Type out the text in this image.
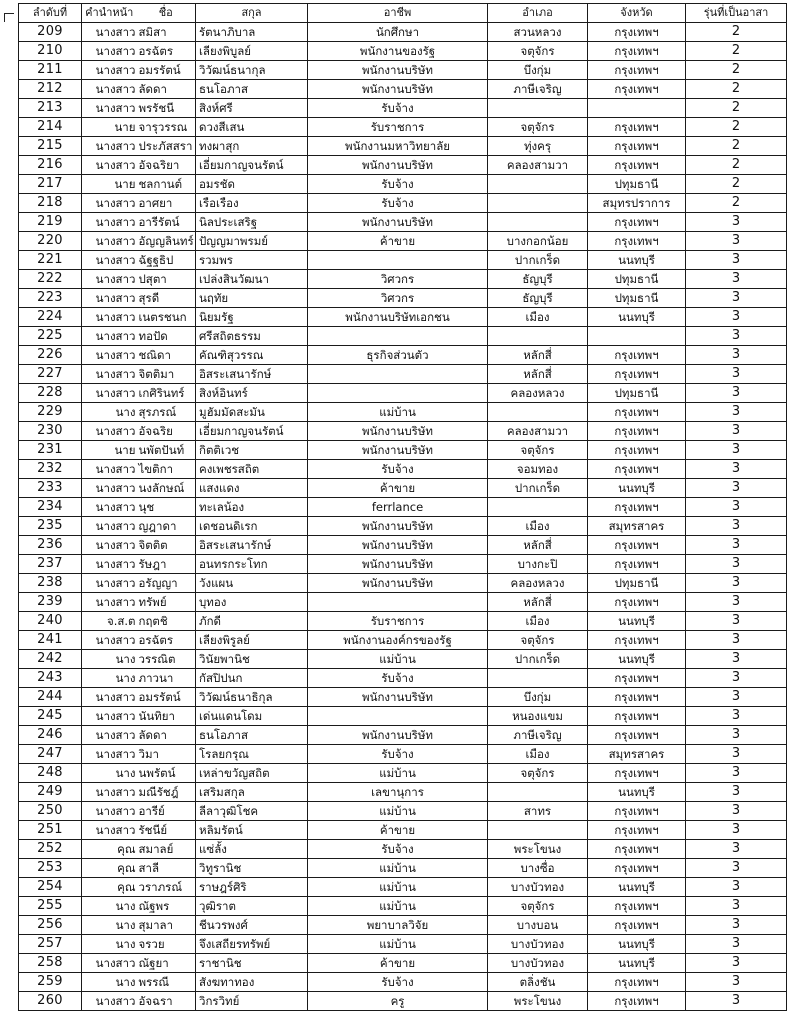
ลำดับที่	คำนำหน้า	ชื่อ	สกุล	อาชีพ	อำเภอ	จังหวัด	รุ่นที่เป็นอาสา
209	นางสาว	สมิสา	รัตนาภิบาล	นักศึกษา	สวนหลวง	กรุงเทพฯ	2
210	นางสาว	อรฉัตร	เลียงพิบูลย์	พนักงานของรัฐ	จตุจักร	กรุงเทพฯ	2
211	นางสาว	อมรรัตน์	วิวัฒน์ธนากุล	พนักงานบริษัท	บึงกุ่ม	กรุงเทพฯ	2
212	นางสาว	ลัดดา	ธนโอภาส	พนักงานบริษัท	ภาษีเจริญ	กรุงเทพฯ	2
213	นางสาว	พรรัชนี	สิงห์ศรี	รับจ้าง			2
214	นาย	จารุวรรณ	ดวงสีเสน	รับราชการ	จตุจักร	กรุงเทพฯ	2
215	นางสาว	ประภัสสรา	ทงผาสุก	พนักงานมหาวิทยาลัย	ทุ่งครุ	กรุงเทพฯ	2
216	นางสาว	อัจฉริยา	เอี่ยมกาญจนรัตน์	พนักงานบริษัท	คลองสามวา	กรุงเทพฯ	2
217	นาย	ชลกานต์	อมรชัด	รับจ้าง		ปทุมธานี	2
218	นางสาว	อาศยา	เรือเรือง	รับจ้าง		สมุทรปราการ	2
219	นางสาว	อารีรัตน์	นิลประเสริฐ	พนักงานบริษัท		กรุงเทพฯ	3
220	นางสาว	อัญญลินทร์	ปัญญมาพรมย์	ค้าขาย	บางกอกน้อย	กรุงเทพฯ	3
221	นางสาว	ฉัฐฐธิป	รวมพร		ปากเกร็ด	นนทบุรี	3
222	นางสาว	ปสุตา	เปล่งสินวัฒนา	วิศวกร	ธัญบุรี	ปทุมธานี	3
223	นางสาว	สุรดี	นฤทัย	วิศวกร	ธัญบุรี	ปทุมธานี	3
224	นางสาว	เนตรชนก	นิยมรัฐ	พนักงานบริษัทเอกชน	เมือง	นนทบุรี	3
225	นางสาว	ทอปัด	ศรีสถิตธรรม				3
226	นางสาว	ชณิดา	คัณฑิสุวรรณ	ธุรกิจส่วนตัว	หลักสี่	กรุงเทพฯ	3
227	นางสาว	จิตติมา	อิสระเสนารักษ์		หลักสี่	กรุงเทพฯ	3
228	นางสาว	เกศิรินทร์	สิงห์อินทร์		คลองหลวง	ปทุมธานี	3
229	นาง	สุรภรณ์	มูฮัมมัดสะมัน	แม่บ้าน		กรุงเทพฯ	3
230	นางสาว	อัจฉริย	เอี่ยมกาญจนรัตน์	พนักงานบริษัท	คลองสามวา	กรุงเทพฯ	3
231	นาย	นพัตปันท์	กิตติเวช	พนักงานบริษัท	จตุจักร	กรุงเทพฯ	3
232	นางสาว	ไขติกา	คงเพชรสถิต	รับจ้าง	จอมทอง	กรุงเทพฯ	3
233	นางสาว	นงลักษณ์	แสงแดง	ค้าขาย	ปากเกร็ด	นนทบุรี	3
234	นางสาว	นุช	ทะเลน้อง	ferrlance		กรุงเทพฯ	3
235	นางสาว	ญฎาดา	เดชอนดิเรก	พนักงานบริษัท	เมือง	สมุทรสาคร	3
236	นางสาว	จิตติต	อิสระเสนารักษ์	พนักงานบริษัท	หลักสี่	กรุงเทพฯ	3
237	นางสาว	รัษฎา	อนทรกระโทก	พนักงานบริษัท	บางกะปิ	กรุงเทพฯ	3
238	นางสาว	อรัญญา	วังแผน	พนักงานบริษัท	คลองหลวง	ปทุมธานี	3
239	นางสาว	ทรัพย์	บุทอง		หลักสี่	กรุงเทพฯ	3
240	จ.ส.ต	กฤตชิ	ภักดี	รับราชการ	เมือง	นนทบุรี	3
241	นางสาว	อรฉัตร	เลียงพิรูลย์	พนักงานองค์กรของรัฐ	จตุจักร	กรุงเทพฯ	3
242	นาง	วรรณิต	วินัยพานิช	แม่บ้าน	ปากเกร็ด	นนทบุรี	3
243	นาง	ภาวนา	กัสปิปนก	รับจ้าง		กรุงเทพฯ	3
244	นางสาว	อมรรัตน์	วิวัฒน์ธนาธิกุล	พนักงานบริษัท	บึงกุ่ม	กรุงเทพฯ	3
245	นางสาว	นันทิยา	เด่นแดนโดม		หนองแขม	กรุงเทพฯ	3
246	นางสาว	ลัดดา	ธนโอภาส	พนักงานบริษัท	ภาษีเจริญ	กรุงเทพฯ	3
247	นางสาว	วิมา	โรลยกรุณ	รับจ้าง	เมือง	สมุทรสาคร	3
248	นาง	นพรัตน์	เหล่าขวัญสถิต	แม่บ้าน	จตุจักร	กรุงเทพฯ	3
249	นางสาว	มณีรัชฎ์	เสริมสกุล	เลขานุการ		นนทบุรี	3
250	นางสาว	อารีย์	ลีลาวุฒิโชค	แม่บ้าน	สาทร	กรุงเทพฯ	3
251	นางสาว	รัชนีย์	หลิมรัตน์	ค้าขาย		กรุงเทพฯ	3
252	คุณ	สมาลย์	แซ่ลั้ง	รับจ้าง	พระโขนง	กรุงเทพฯ	3
253	คุณ	สาลี	วิทูรานิช	แม่บ้าน	บางซื่อ	กรุงเทพฯ	3
254	คุณ	วราภรณ์	ราษฎร์ศิริ	แม่บ้าน	บางบัวทอง	นนทบุรี	3
255	นาง	ณัฐพร	วุฒิราต	แม่บ้าน	จตุจักร	กรุงเทพฯ	3
256	นาง	สุมาลา	ชีนวรพงศ์	พยาบาลวิจัย	บางบอน	กรุงเทพฯ	3
257	นาง	จรวย	จึงเสถียรทรัพย์	แม่บ้าน	บางบัวทอง	นนทบุรี	3
258	นางสาว	ณัฐยา	ราชานิช	ค้าขาย	บางบัวทอง	นนทบุรี	3
259	นาง	พรรณี	สังฆทาทอง	รับจ้าง	ตลิ่งชัน	กรุงเทพฯ	3
260	นางสาว	อัจฉรา	วิกรวิทย์	ครู	พระโขนง	กรุงเทพฯ	3
